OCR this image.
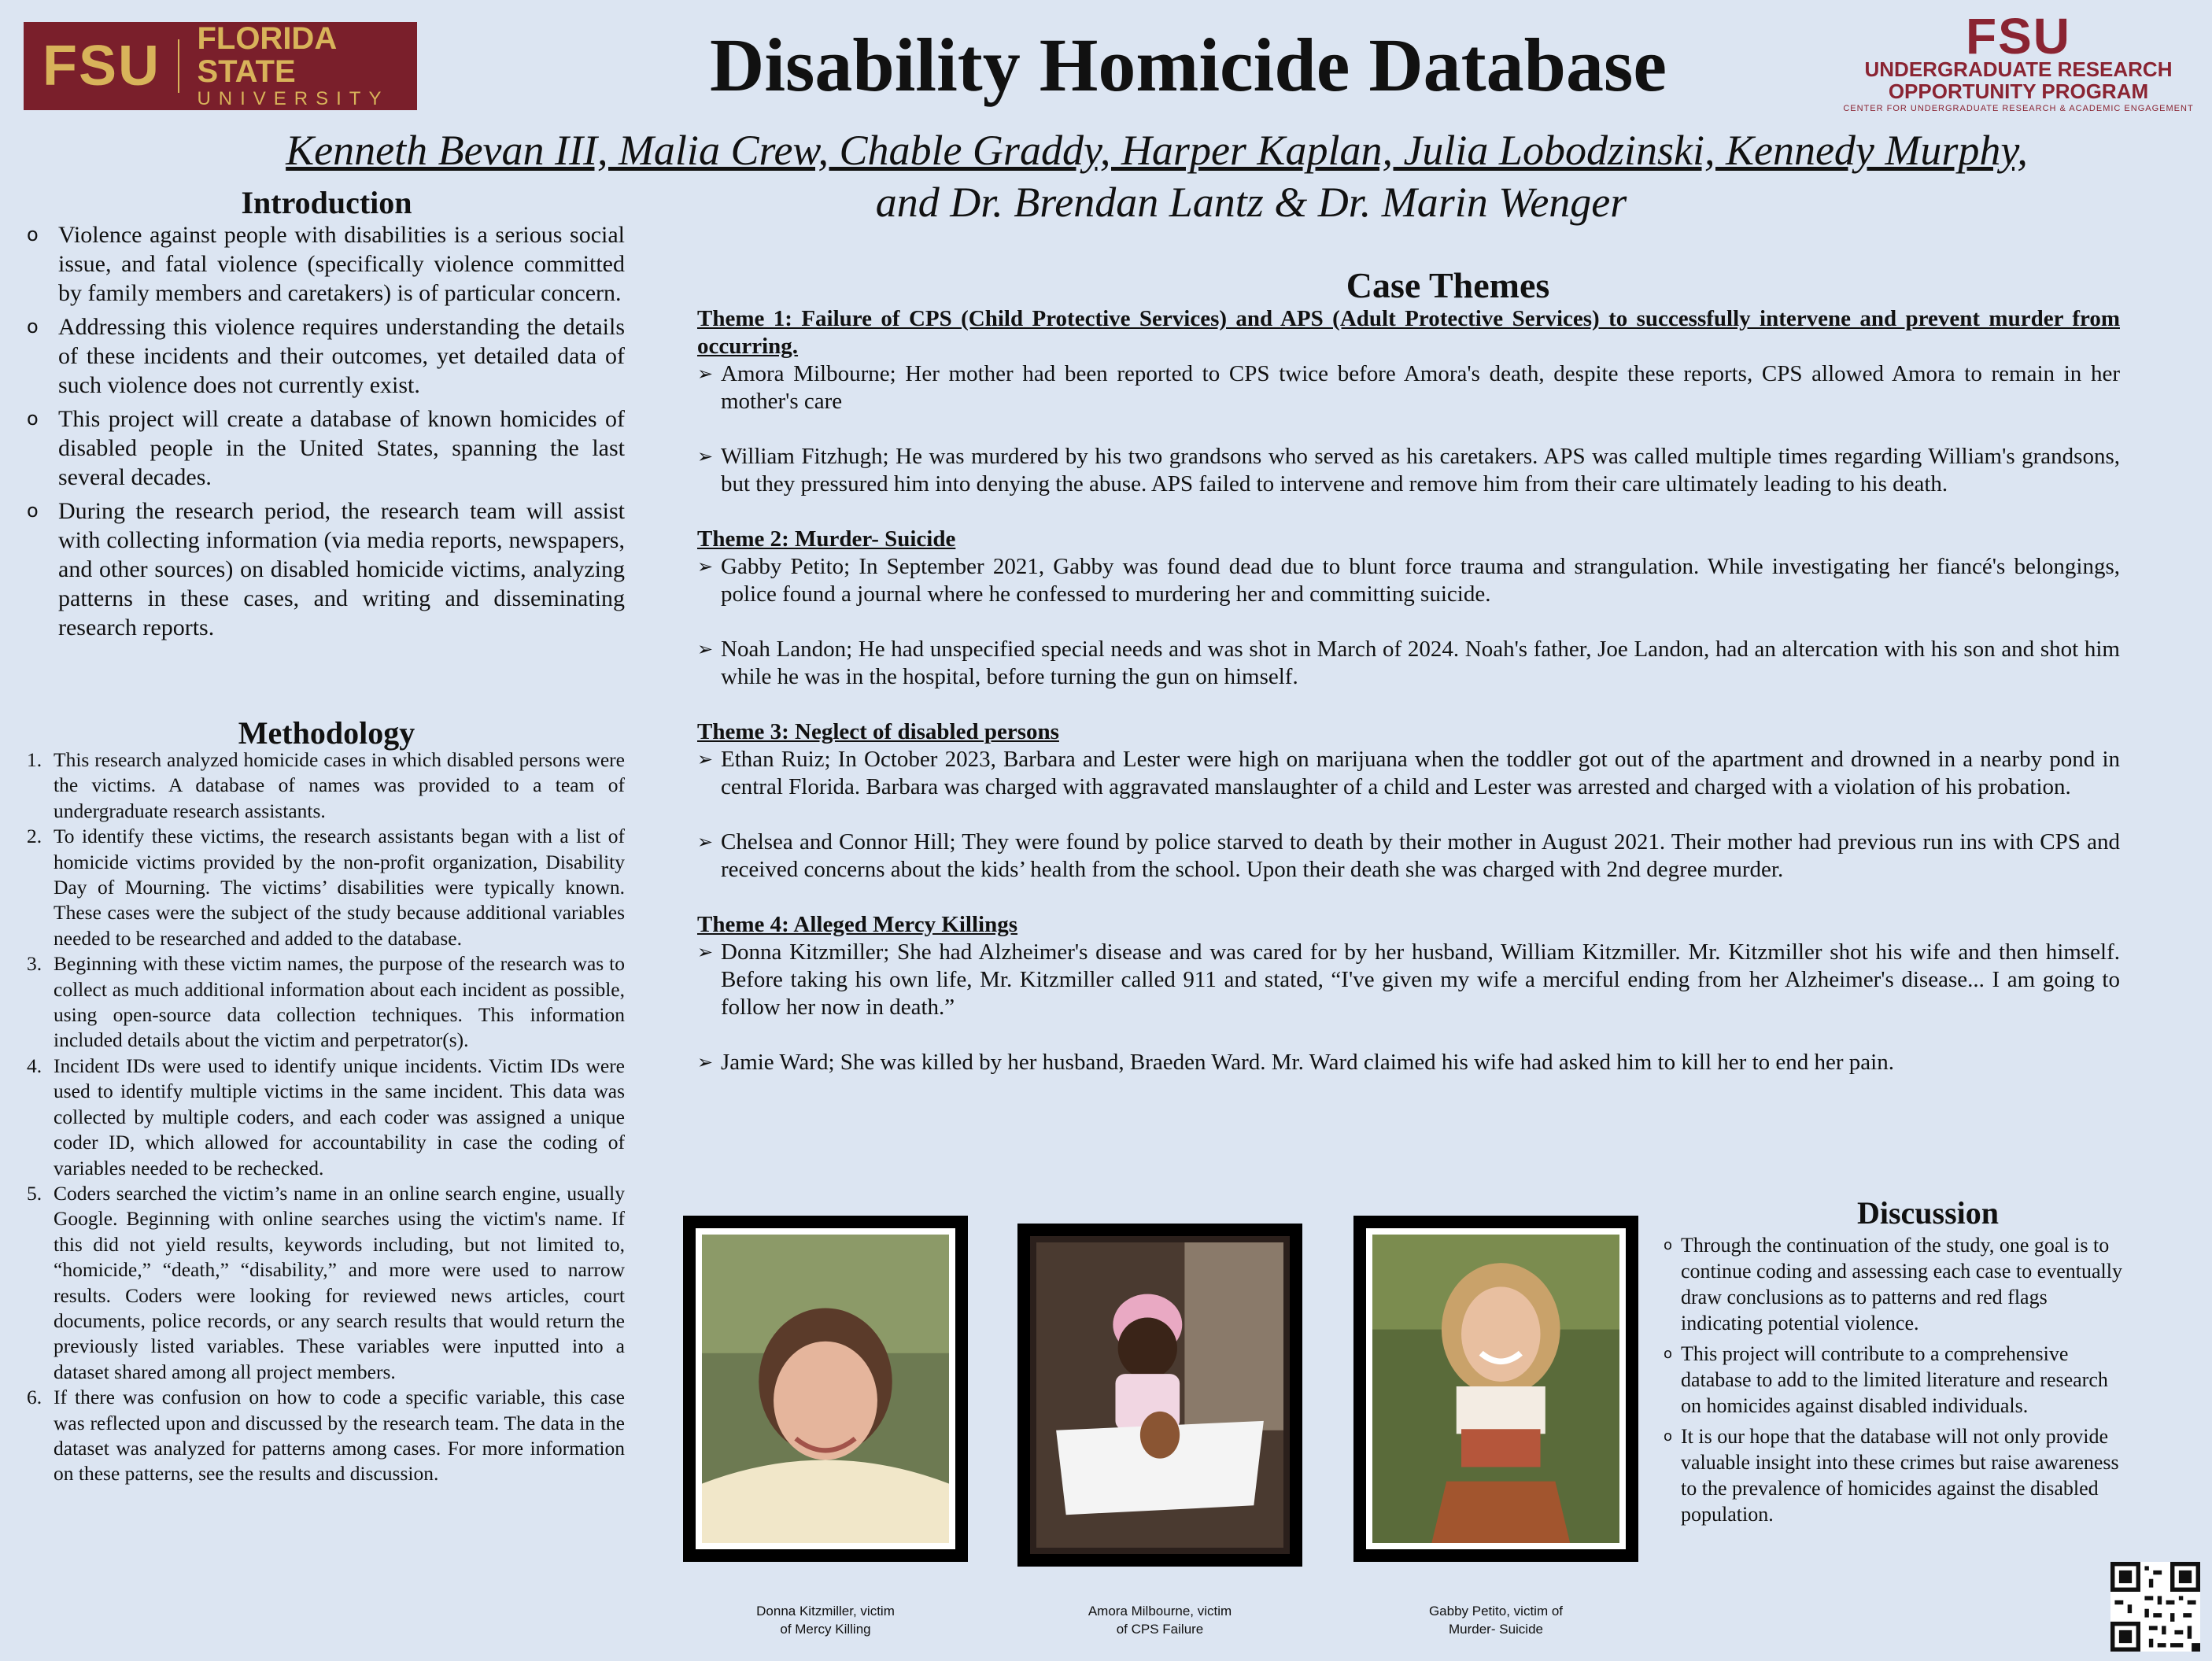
FSU FLORIDA STATE
UNIVERSITY	Disability Homicide Database	FSU
UNDERGRADUATE RESEARCH
OPPORTUNITY PROGRAM
CENTER FOR UNDERGRADUATE RESEARCH & ACADEMIC ENGAGEMENT
Kenneth Bevan III, Malia Crew, Chable Graddy, Harper Kaplan, Julia Lobodzinski, Kennedy Murphy,
and Dr. Brendan Lantz & Dr. Marin Wenger
Introduction
o Violence against people with disabilities is a serious social issue, and fatal violence (specifically violence committed by family members and caretakers) is of particular concern.
o Addressing this violence requires understanding the details of these incidents and their outcomes, yet detailed data of such violence does not currently exist.
o This project will create a database of known homicides of disabled people in the United States, spanning the last several decades.
o During the research period, the research team will assist with collecting information (via media reports, newspapers, and other sources) on disabled homicide victims, analyzing patterns in these cases, and writing and disseminating research reports.
Methodology
1. This research analyzed homicide cases in which disabled persons were the victims. A database of names was provided to a team of undergraduate research assistants.
2. To identify these victims, the research assistants began with a list of homicide victims provided by the non-profit organization, Disability Day of Mourning. The victims’ disabilities were typically known. These cases were the subject of the study because additional variables needed to be researched and added to the database.
3. Beginning with these victim names, the purpose of the research was to collect as much additional information about each incident as possible, using open-source data collection techniques. This information included details about the victim and perpetrator(s).
4. Incident IDs were used to identify unique incidents. Victim IDs were used to identify multiple victims in the same incident. This data was collected by multiple coders, and each coder was assigned a unique coder ID, which allowed for accountability in case the coding of variables needed to be rechecked.
5. Coders searched the victim’s name in an online search engine, usually Google. Beginning with online searches using the victim's name. If this did not yield results, keywords including, but not limited to, “homicide,” “death,” “disability,” and more were used to narrow results. Coders were looking for reviewed news articles, court documents, police records, or any search results that would return the previously listed variables. These variables were inputted into a dataset shared among all project members.
6. If there was confusion on how to code a specific variable, this case was reflected upon and discussed by the research team. The data in the dataset was analyzed for patterns among cases. For more information on these patterns, see the results and discussion.
Case Themes
Theme 1: Failure of CPS (Child Protective Services) and APS (Adult Protective Services) to successfully intervene and prevent murder from occurring.
➢ Amora Milbourne; Her mother had been reported to CPS twice before Amora's death, despite these reports, CPS allowed Amora to remain in her mother's care
➢ William Fitzhugh; He was murdered by his two grandsons who served as his caretakers. APS was called multiple times regarding William's grandsons, but they pressured him into denying the abuse. APS failed to intervene and remove him from their care ultimately leading to his death.
Theme 2: Murder- Suicide
➢ Gabby Petito; In September 2021, Gabby was found dead due to blunt force trauma and strangulation. While investigating her fiancé's belongings, police found a journal where he confessed to murdering her and committing suicide.
➢ Noah Landon; He had unspecified special needs and was shot in March of 2024. Noah's father, Joe Landon, had an altercation with his son and shot him while he was in the hospital, before turning the gun on himself.
Theme 3: Neglect of disabled persons
➢ Ethan Ruiz; In October 2023, Barbara and Lester were high on marijuana when the toddler got out of the apartment and drowned in a nearby pond in central Florida. Barbara was charged with aggravated manslaughter of a child and Lester was arrested and charged with a violation of his probation.
➢ Chelsea and Connor Hill; They were found by police starved to death by their mother in August 2021. Their mother had previous run ins with CPS and received concerns about the kids’ health from the school. Upon their death she was charged with 2nd degree murder.
Theme 4: Alleged Mercy Killings
➢ Donna Kitzmiller; She had Alzheimer's disease and was cared for by her husband, William Kitzmiller. Mr. Kitzmiller shot his wife and then himself. Before taking his own life, Mr. Kitzmiller called 911 and stated, “I've given my wife a merciful ending from her Alzheimer's disease... I am going to follow her now in death.”
➢ Jamie Ward; She was killed by her husband, Braeden Ward. Mr. Ward claimed his wife had asked him to kill her to end her pain.
Donna Kitzmiller, victim
of Mercy Killing
Amora Milbourne, victim
of CPS Failure
Gabby Petito, victim of
Murder- Suicide
Discussion
o Through the continuation of the study, one goal is to continue coding and assessing each case to eventually draw conclusions as to patterns and red flags indicating potential violence.
o This project will contribute to a comprehensive database to add to the limited literature and research on homicides against disabled individuals.
o It is our hope that the database will not only provide valuable insight into these crimes but raise awareness to the prevalence of homicides against the disabled population.
